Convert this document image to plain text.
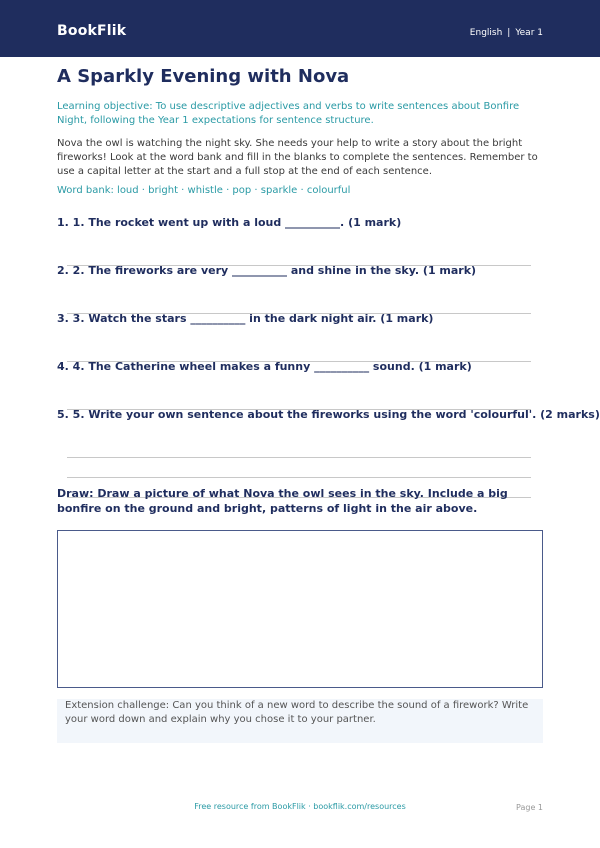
BookFlik	English | Year 1
A Sparkly Evening with Nova
Learning objective: To use descriptive adjectives and verbs to write sentences about Bonfire Night, following the Year 1 expectations for sentence structure.
Nova the owl is watching the night sky. She needs your help to write a story about the bright fireworks! Look at the word bank and fill in the blanks to complete the sentences. Remember to use a capital letter at the start and a full stop at the end of each sentence.
Word bank: loud · bright · whistle · pop · sparkle · colourful
1. 1. The rocket went up with a loud __________. (1 mark)
2. 2. The fireworks are very __________ and shine in the sky. (1 mark)
3. 3. Watch the stars __________ in the dark night air. (1 mark)
4. 4. The Catherine wheel makes a funny __________ sound. (1 mark)
5. 5. Write your own sentence about the fireworks using the word 'colourful'. (2 marks)
Draw: Draw a picture of what Nova the owl sees in the sky. Include a big bonfire on the ground and bright, patterns of light in the air above.

Extension challenge: Can you think of a new word to describe the sound of a firework? Write your word down and explain why you chose it to your partner.

Free resource from BookFlik · bookflik.com/resources	Page 1
